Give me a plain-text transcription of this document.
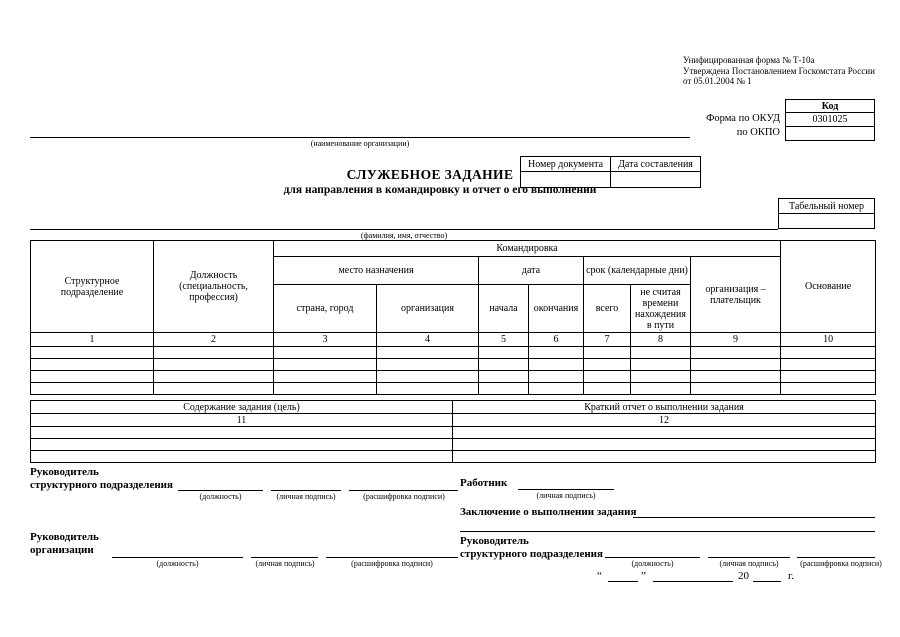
Унифицированная форма № Т-10а
Утверждена Постановлением Госкомстата России
от 05.01.2004 № 1
Форма по ОКУД
по ОКПО
Код
0301025

(наименование организации)
СЛУЖЕБНОЕ ЗАДАНИЕ
для направления в командировку и отчет о его выполнении
Номер документа	Дата составления

Табельный номер

(фамилия, имя, отчество)
Структурное подразделение	Должность (специальность, профессия)	Командировка							Основание
		место назначения		дата		срок (календарные дни)		организация – плательщик	
		страна, город	организация	начала	окончания	всего	не считая времени нахождения в пути		
1	2	3	4	5	6	7	8	9	10

Содержание задания (цель)	Краткий отчет о выполнении задания
11	12

Руководитель
структурного подразделения
(должность)	(личная подпись)	(расшифровка подписи)
Руководитель
организации
(должность)	(личная подпись)	(расшифровка подписи)
Работник
(личная подпись)
Заключение о выполнении задания
Руководитель
структурного подразделения
(должность)	(личная подпись)	(расшифровка подписи)
“	”	20	г.
